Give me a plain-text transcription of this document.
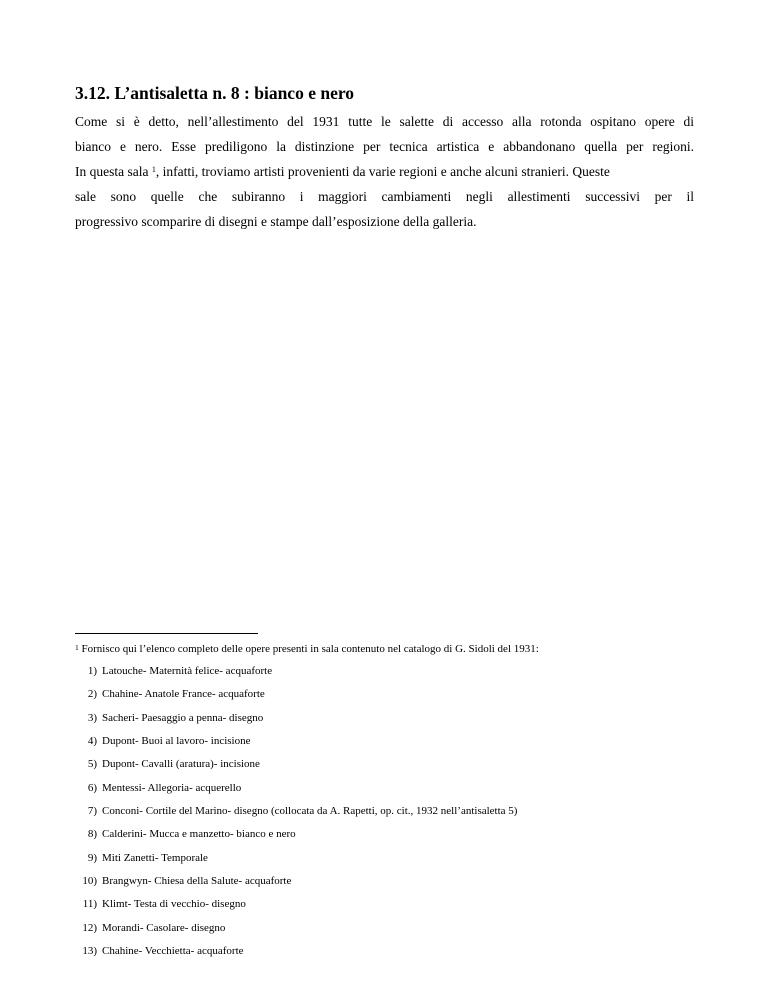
3.12. L’antisaletta n. 8 : bianco e nero
Come si è detto, nell’allestimento del 1931 tutte le salette di accesso alla rotonda ospitano opere di
bianco e nero. Esse prediligono la distinzione per tecnica artistica e abbandonano quella per regioni.
In questa sala $^1$, infatti, troviamo artisti provenienti da varie regioni e anche alcuni stranieri. Queste
sale sono quelle che subiranno i maggiori cambiamenti negli allestimenti successivi per il
progressivo scomparire di disegni e stampe dall’esposizione della galleria.
$^1$ Fornisco qui l’elenco completo delle opere presenti in sala contenuto nel catalogo di G. Sidoli del 1931:
1) Latouche- Maternità felice- acquaforte
2) Chahine- Anatole France- acquaforte
3) Sacheri- Paesaggio a penna- disegno
4) Dupont- Buoi al lavoro- incisione
5) Dupont- Cavalli (aratura)- incisione
6) Mentessi- Allegoria- acquerello
7) Conconi- Cortile del Marino- disegno (collocata da A. Rapetti, op. cit., 1932 nell’antisaletta 5)
8) Calderini- Mucca e manzetto- bianco e nero
9) Miti Zanetti- Temporale
10) Brangwyn- Chiesa della Salute- acquaforte
11) Klimt- Testa di vecchio- disegno
12) Morandi- Casolare- disegno
13) Chahine- Vecchietta- acquaforte
